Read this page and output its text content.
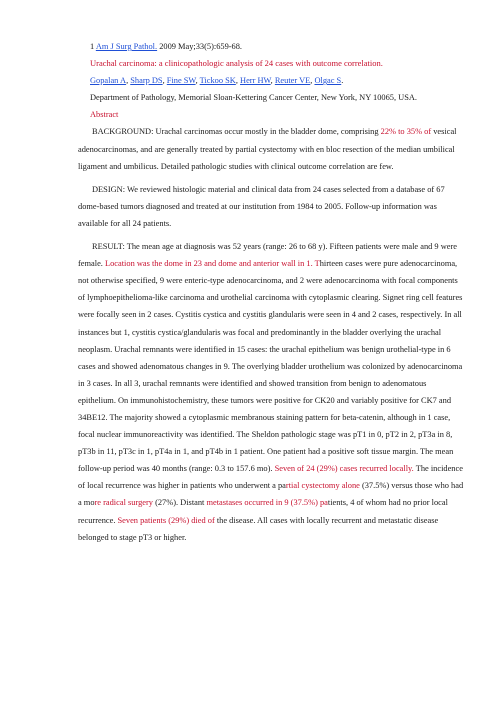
1 Am J Surg Pathol. 2009 May;33(5):659-68.

Urachal carcinoma: a clinicopathologic analysis of 24 cases with outcome correlation.

Gopalan A, Sharp DS, Fine SW, Tickoo SK, Herr HW, Reuter VE, Olgac S.

Department of Pathology, Memorial Sloan-Kettering Cancer Center, New York, NY 10065, USA.

Abstract

BACKGROUND: Urachal carcinomas occur mostly in the bladder dome, comprising 22% to 35% of vesical adenocarcinomas, and are generally treated by partial cystectomy with en bloc resection of the median umbilical ligament and umbilicus. Detailed pathologic studies with clinical outcome correlation are few.

DESIGN: We reviewed histologic material and clinical data from 24 cases selected from a database of 67 dome-based tumors diagnosed and treated at our institution from 1984 to 2005. Follow-up information was available for all 24 patients.

RESULT: The mean age at diagnosis was 52 years (range: 26 to 68 y). Fifteen patients were male and 9 were female. Location was the dome in 23 and dome and anterior wall in 1. Thirteen cases were pure adenocarcinoma, not otherwise specified, 9 were enteric-type adenocarcinoma, and 2 were adenocarcinoma with focal components of lymphoepithelioma-like carcinoma and urothelial carcinoma with cytoplasmic clearing. Signet ring cell features were focally seen in 2 cases. Cystitis cystica and cystitis glandularis were seen in 4 and 2 cases, respectively. In all instances but 1, cystitis cystica/glandularis was focal and predominantly in the bladder overlying the urachal neoplasm. Urachal remnants were identified in 15 cases: the urachal epithelium was benign urothelial-type in 6 cases and showed adenomatous changes in 9. The overlying bladder urothelium was colonized by adenocarcinoma in 3 cases. In all 3, urachal remnants were identified and showed transition from benign to adenomatous epithelium. On immunohistochemistry, these tumors were positive for CK20 and variably positive for CK7 and 34BE12. The majority showed a cytoplasmic membranous staining pattern for beta-catenin, although in 1 case, focal nuclear immunoreactivity was identified. The Sheldon pathologic stage was pT1 in 0, pT2 in 2, pT3a in 8, pT3b in 11, pT3c in 1, pT4a in 1, and pT4b in 1 patient. One patient had a positive soft tissue margin. The mean follow-up period was 40 months (range: 0.3 to 157.6 mo). Seven of 24 (29%) cases recurred locally. The incidence of local recurrence was higher in patients who underwent a partial cystectomy alone (37.5%) versus those who had a more radical surgery (27%). Distant metastases occurred in 9 (37.5%) patients, 4 of whom had no prior local recurrence. Seven patients (29%) died of the disease. All cases with locally recurrent and metastatic disease belonged to stage pT3 or higher.
